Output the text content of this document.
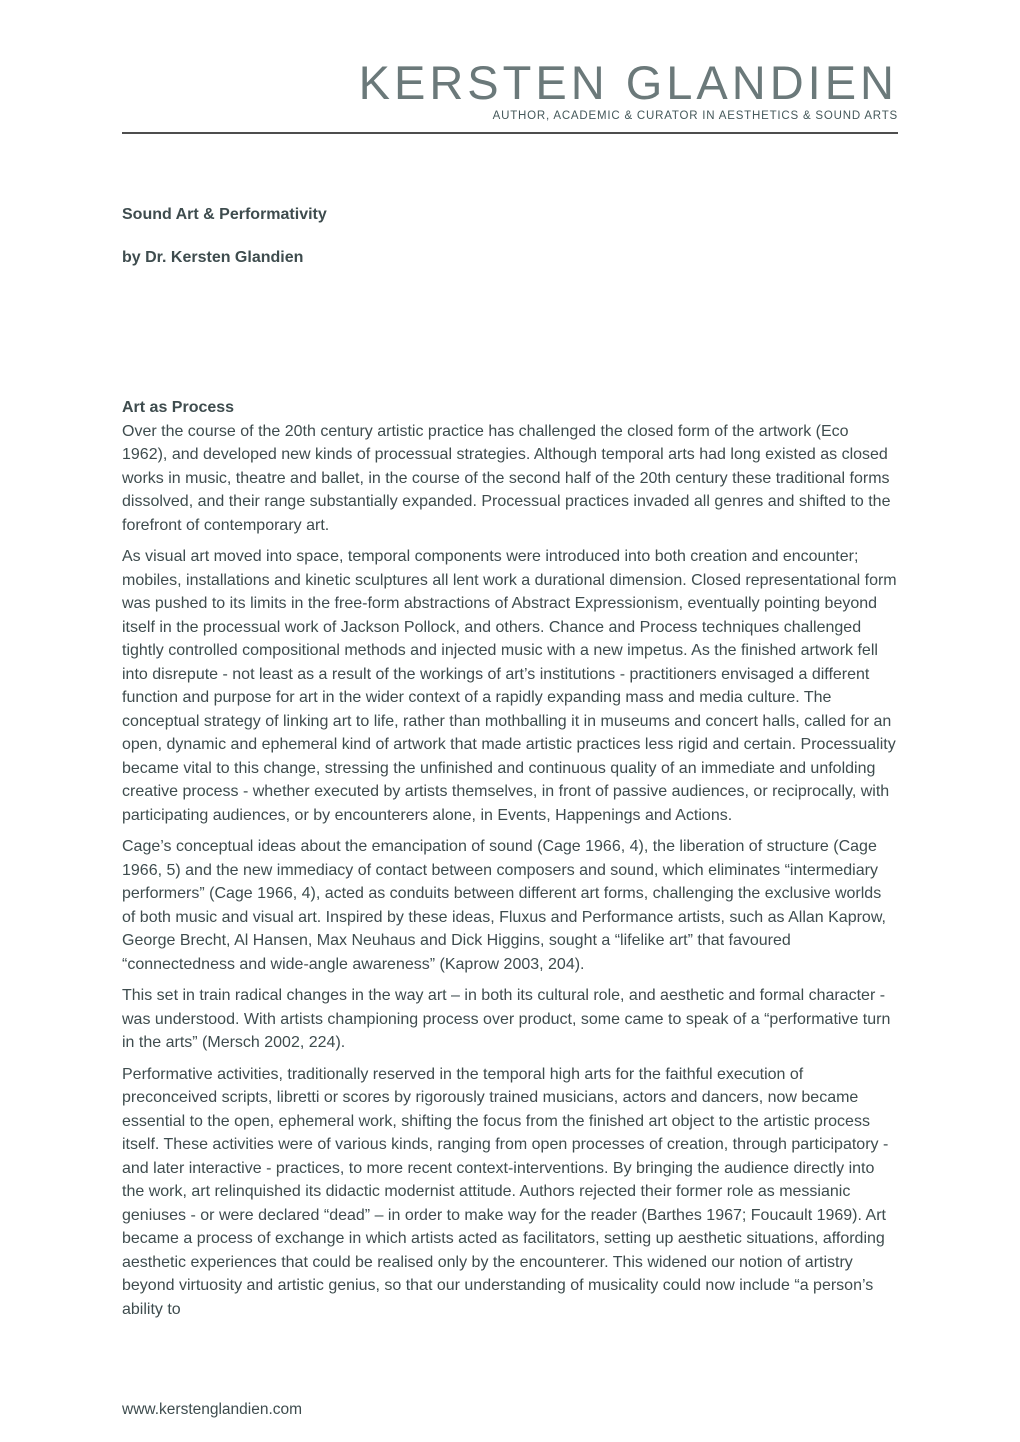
KERSTEN GLANDIEN
AUTHOR, ACADEMIC & CURATOR IN AESTHETICS & SOUND ARTS

Sound Art & Performativity

by Dr. Kersten Glandien

Art as Process

Over the course of the 20th century artistic practice has challenged the closed form of the artwork (Eco 1962), and developed new kinds of processual strategies. Although temporal arts had long existed as closed works in music, theatre and ballet, in the course of the second half of the 20th century these traditional forms dissolved, and their range substantially expanded. Processual practices invaded all genres and shifted to the forefront of contemporary art.

As visual art moved into space, temporal components were introduced into both creation and encounter; mobiles, installations and kinetic sculptures all lent work a durational dimension. Closed representational form was pushed to its limits in the free-form abstractions of Abstract Expressionism, eventually pointing beyond itself in the processual work of Jackson Pollock, and others. Chance and Process techniques challenged tightly controlled compositional methods and injected music with a new impetus. As the finished artwork fell into disrepute - not least as a result of the workings of art’s institutions - practitioners envisaged a different function and purpose for art in the wider context of a rapidly expanding mass and media culture. The conceptual strategy of linking art to life, rather than mothballing it in museums and concert halls, called for an open, dynamic and ephemeral kind of artwork that made artistic practices less rigid and certain. Processuality became vital to this change, stressing the unfinished and continuous quality of an immediate and unfolding creative process - whether executed by artists themselves, in front of passive audiences, or reciprocally, with participating audiences, or by encounterers alone, in Events, Happenings and Actions.

Cage’s conceptual ideas about the emancipation of sound (Cage 1966, 4), the liberation of structure (Cage 1966, 5) and the new immediacy of contact between composers and sound, which eliminates “intermediary performers” (Cage 1966, 4), acted as conduits between different art forms, challenging the exclusive worlds of both music and visual art. Inspired by these ideas, Fluxus and Performance artists, such as Allan Kaprow, George Brecht, Al Hansen, Max Neuhaus and Dick Higgins, sought a “lifelike art” that favoured “connectedness and wide-angle awareness” (Kaprow 2003, 204).

This set in train radical changes in the way art – in both its cultural role, and aesthetic and formal character - was understood. With artists championing process over product, some came to speak of a “performative turn in the arts” (Mersch 2002, 224).

Performative activities, traditionally reserved in the temporal high arts for the faithful execution of preconceived scripts, libretti or scores by rigorously trained musicians, actors and dancers, now became essential to the open, ephemeral work, shifting the focus from the finished art object to the artistic process itself. These activities were of various kinds, ranging from open processes of creation, through participatory - and later interactive - practices, to more recent context-interventions. By bringing the audience directly into the work, art relinquished its didactic modernist attitude. Authors rejected their former role as messianic geniuses - or were declared “dead” – in order to make way for the reader (Barthes 1967; Foucault 1969). Art became a process of exchange in which artists acted as facilitators, setting up aesthetic situations, affording aesthetic experiences that could be realised only by the encounterer. This widened our notion of artistry beyond virtuosity and artistic genius, so that our understanding of musicality could now include “a person’s ability to

www.kerstenglandien.com
